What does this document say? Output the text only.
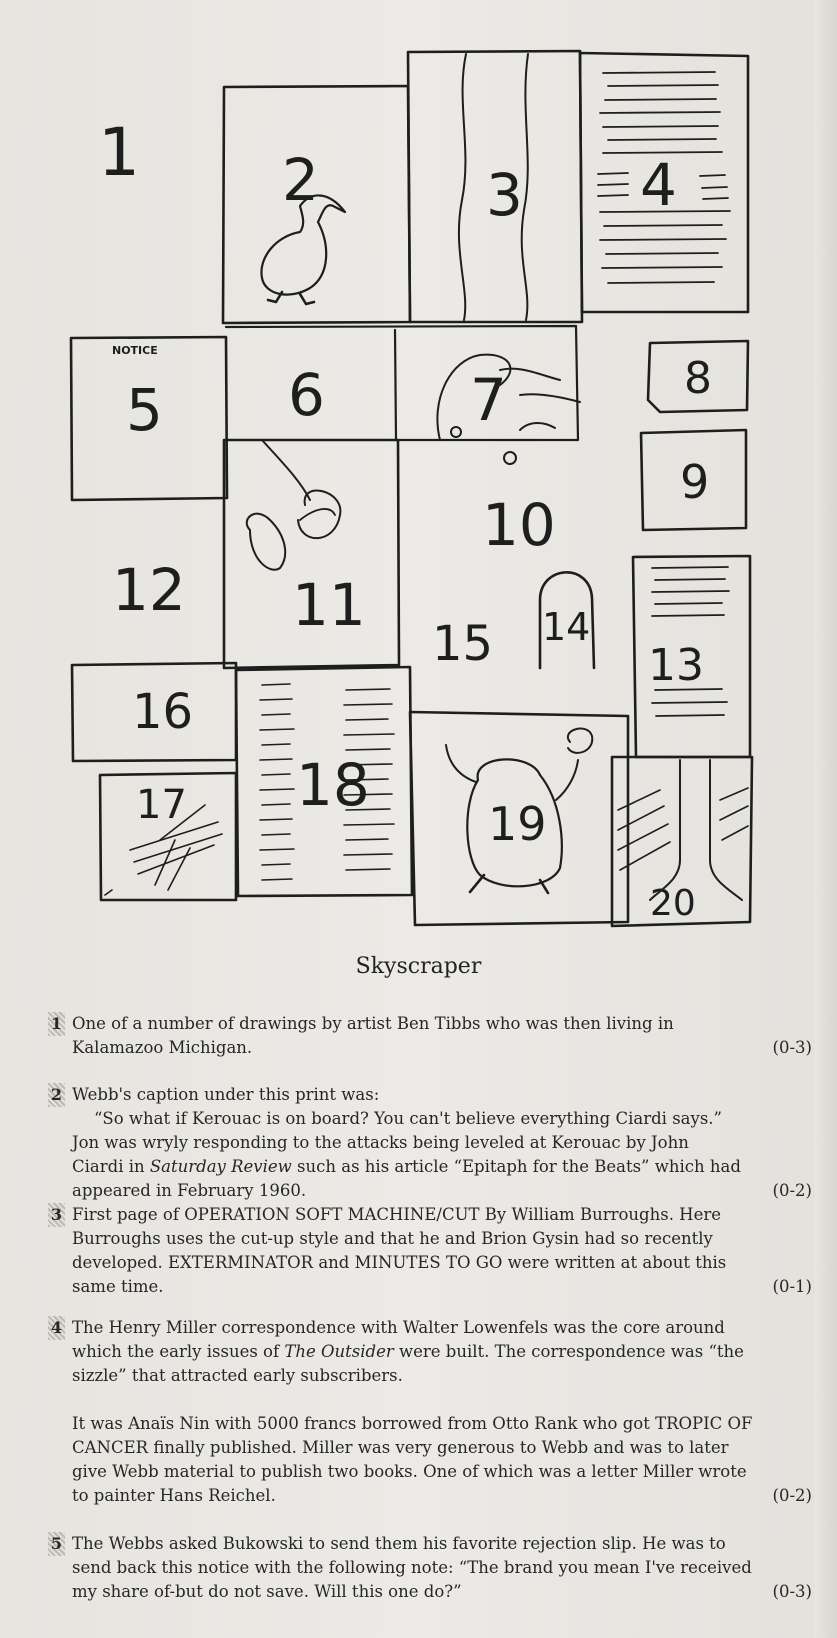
1 2	3 4
5 6	7	8
9
10
11
12
13
14
15
16
17 18
19
20
NOTICE
Skyscraper
1 One of a number of drawings by artist Ben Tibbs who was then living in
Kalamazoo Michigan.	(0-3)
2 Webb's caption under this print was:
“So what if Kerouac is on board? You can't believe everything Ciardi says.”
Jon was wryly responding to the attacks being leveled at Kerouac by John
Ciardi in Saturday Review such as his article “Epitaph for the Beats” which had
appeared in February 1960.	(0-2)
3 First page of OPERATION SOFT MACHINE/CUT By William Burroughs. Here
Burroughs uses the cut-up style and that he and Brion Gysin had so recently
developed. EXTERMINATOR and MINUTES TO GO were written at about this
same time.	(0-1)
4 The Henry Miller correspondence with Walter Lowenfels was the core around
which the early issues of The Outsider were built. The correspondence was “the
sizzle” that attracted early subscribers.
It was Anaïs Nin with 5000 francs borrowed from Otto Rank who got TROPIC OF
CANCER finally published. Miller was very generous to Webb and was to later
give Webb material to publish two books. One of which was a letter Miller wrote
to painter Hans Reichel.	(0-2)
5 The Webbs asked Bukowski to send them his favorite rejection slip. He was to
send back this notice with the following note: “The brand you mean I've received
my share of-but do not save. Will this one do?”	(0-3)
